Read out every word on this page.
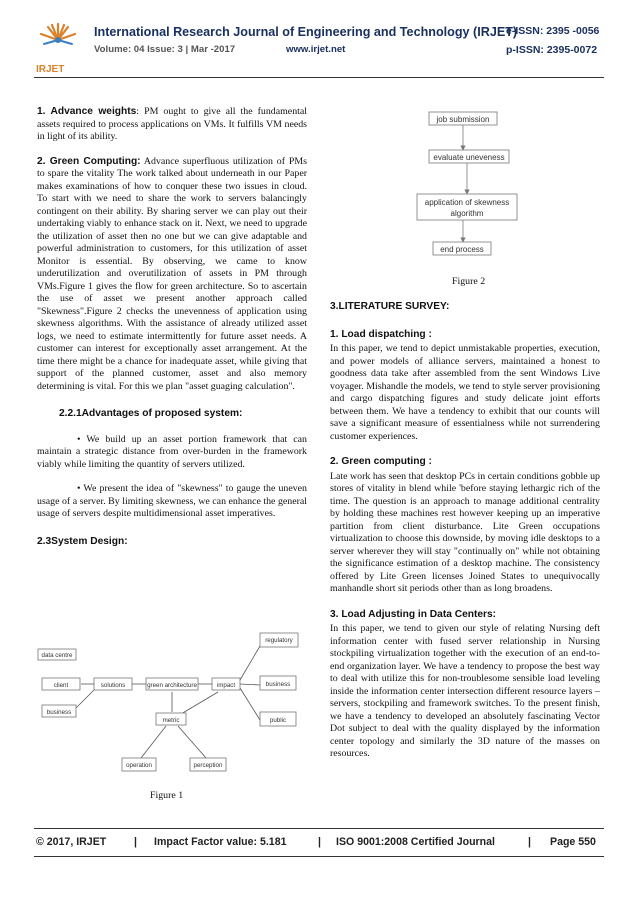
IRJET
International Research Journal of Engineering and Technology (IRJET)
e-ISSN: 2395 -0056
Volume: 04 Issue: 3 | Mar -2017	www.irjet.net	p-ISSN: 2395-0072

1. Advance weights: PM ought to give all the fundamental assets required to process applications on VMs. It fulfills VM needs in light of its ability.

2. Green Computing: Advance superfluous utilization of PMs to spare the vitality The work talked about underneath in our Paper makes examinations of how to conquer these two issues in cloud. To start with we need to share the work to servers balancingly contingent on their ability. By sharing server we can play out their undertaking viably to enhance stack on it. Next, we need to upgrade the utilization of asset then no one but we can give adaptable and powerful administration to customers, for this utilization of asset Monitor is essential. By observing, we came to know underutilization and overutilization of assets in PM through VMs.Figure 1 gives the flow for green architecture. So to ascertain the use of asset we present another approach called "Skewness".Figure 2 checks the unevenness of application using skewness algorithms. With the assistance of already utilized asset logs, we need to estimate intermittently for future asset needs. A customer can interest for exceptionally asset arrangement. At the time there might be a chance for inadequate asset, while giving that support of the planned customer, asset and also memory determining is vital. For this we plan "asset guaging calculation".

2.2.1Advantages of proposed system:

• We build up an asset portion framework that can maintain a strategic distance from over-burden in the framework viably while limiting the quantity of servers utilized.

• We present the idea of "skewness" to gauge the uneven usage of a server. By limiting skewness, we can enhance the general usage of servers despite multidimensional asset imperatives.

2.3System Design:

data centre
client
business
solutions	green architecture	impact
regulatory
business
public
metric
operation	perception
Figure 1
job submission
evaluate uneveness
application of skewness
algorithm
end process
Figure 2

3.LITERATURE SURVEY:

1. Load dispatching :

In this paper, we tend to depict unmistakable properties, execution, and power models of alliance servers, maintained a honest to goodness data take after assembled from the sent Windows Live voyager. Mishandle the models, we tend to style server provisioning and cargo dispatching figures and study delicate joint efforts between them. We have a tendency to exhibit that our counts will save a significant measure of essentialness while not surrendering customer experiences.

2. Green computing :

Late work has seen that desktop PCs in certain conditions gobble up stores of vitality in blend while 'before staying lethargic rich of the time. The question is an approach to manage additional centrality by holding these machines rest however keeping up an imperative partition from client disturbance. Lite Green occupations virtualization to choose this downside, by moving idle desktops to a server wherever they will stay "continually on" while not obtaining the significance estimation of a desktop machine. The consistency offered by Lite Green licenses Joined States to unequivocally manhandle short sit periods other than as long broadens.

3. Load Adjusting in Data Centers:

In this paper, we tend to given our style of relating Nursing deft information center with fused server relationship in Nursing stockpiling virtualization together with the execution of an end-to-end organization layer. We have a tendency to propose the best way to deal with utilize this for non-troublesome sensible load leveling inside the information center intersection different resource layers – servers, stockpiling and framework switches. To the present finish, we have a tendency to developed an absolutely fascinating Vector Dot subject to deal with the quality displayed by the information center topology and similarly the 3D nature of the masses on resources.

© 2017, IRJET	| Impact Factor value: 5.181	| ISO 9001:2008 Certified Journal	| Page 550
